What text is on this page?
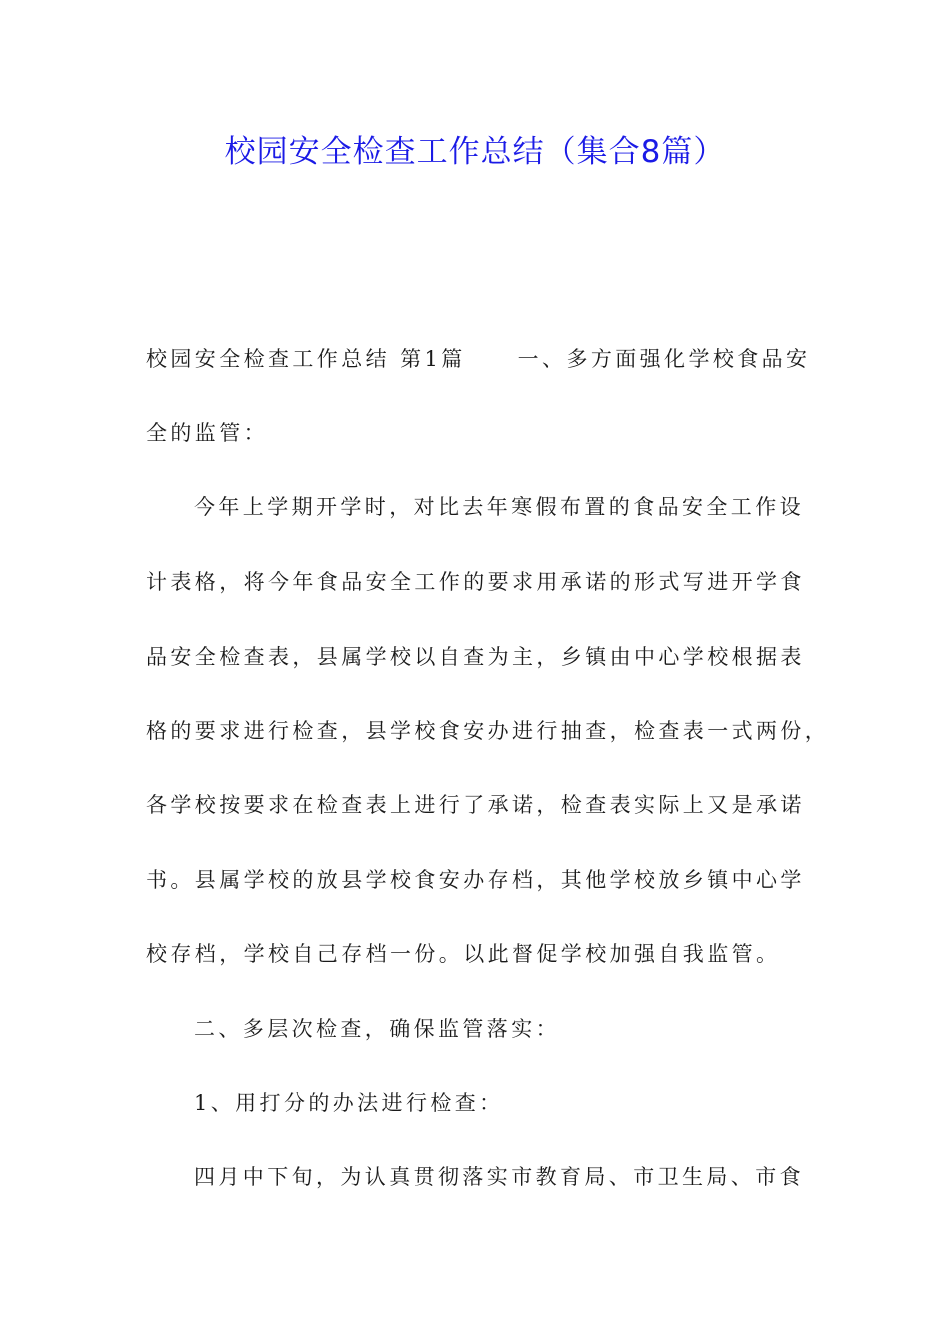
校园安全检查工作总结（集合8篇）
校园安全检查工作总结 第1篇 一、多方面强化学校食品安
全的监管：
今年上学期开学时，对比去年寒假布置的食品安全工作设
计表格，将今年食品安全工作的要求用承诺的形式写进开学食
品安全检查表，县属学校以自查为主，乡镇由中心学校根据表
格的要求进行检查，县学校食安办进行抽查，检查表一式两份，
各学校按要求在检查表上进行了承诺，检查表实际上又是承诺
书。县属学校的放县学校食安办存档，其他学校放乡镇中心学
校存档，学校自己存档一份。以此督促学校加强自我监管。
二、多层次检查，确保监管落实：
1、用打分的办法进行检查：
四月中下旬，为认真贯彻落实市教育局、市卫生局、市食
